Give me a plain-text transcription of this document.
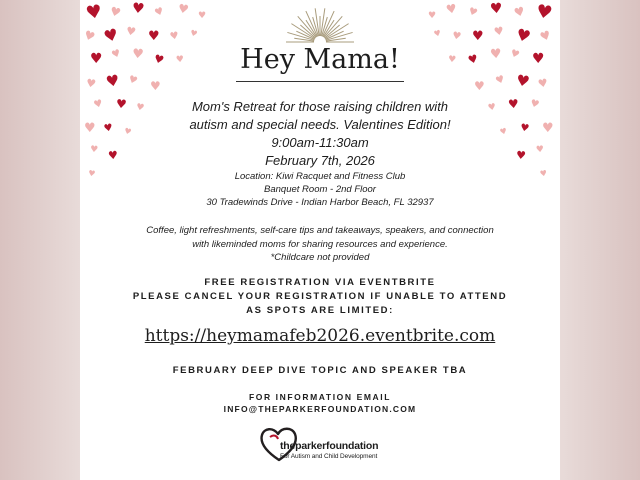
♥ ♥ ♥ ♥ ♥ ♥
♥ ♥ ♥ ♥ ♥ ♥
♥ ♥ ♥ ♥ ♥
♥ ♥ ♥ ♥
♥ ♥ ♥
♥ ♥ ♥
♥ ♥
♥
♥
♥
♥
♥
♥
♥
♥
♥
♥
♥
♥
♥
♥
♥
♥
♥
♥
♥
♥
♥
♥
♥
♥
♥
♥
♥
♥
♥
♥
♥
Hey Mama!
Mom's Retreat for those raising children with
autism and special needs. Valentines Edition!
9:00am-11:30am
February 7th, 2026
Location: Kiwi Racquet and Fitness Club
Banquet Room - 2nd Floor
30 Tradewinds Drive - Indian Harbor Beach, FL 32937
Coffee, light refreshments, self-care tips and takeaways, speakers, and connection
with likeminded moms for sharing resources and experience.
*Childcare not provided
FREE REGISTRATION VIA EVENTBRITE
PLEASE CANCEL YOUR REGISTRATION IF UNABLE TO ATTEND
AS SPOTS ARE LIMITED:
https://heymamafeb2026.eventbrite.com
FEBRUARY DEEP DIVE TOPIC AND SPEAKER TBA
FOR INFORMATION EMAIL
INFO@THEPARKERFOUNDATION.COM
theparkerfoundation
For Autism and Child Development
